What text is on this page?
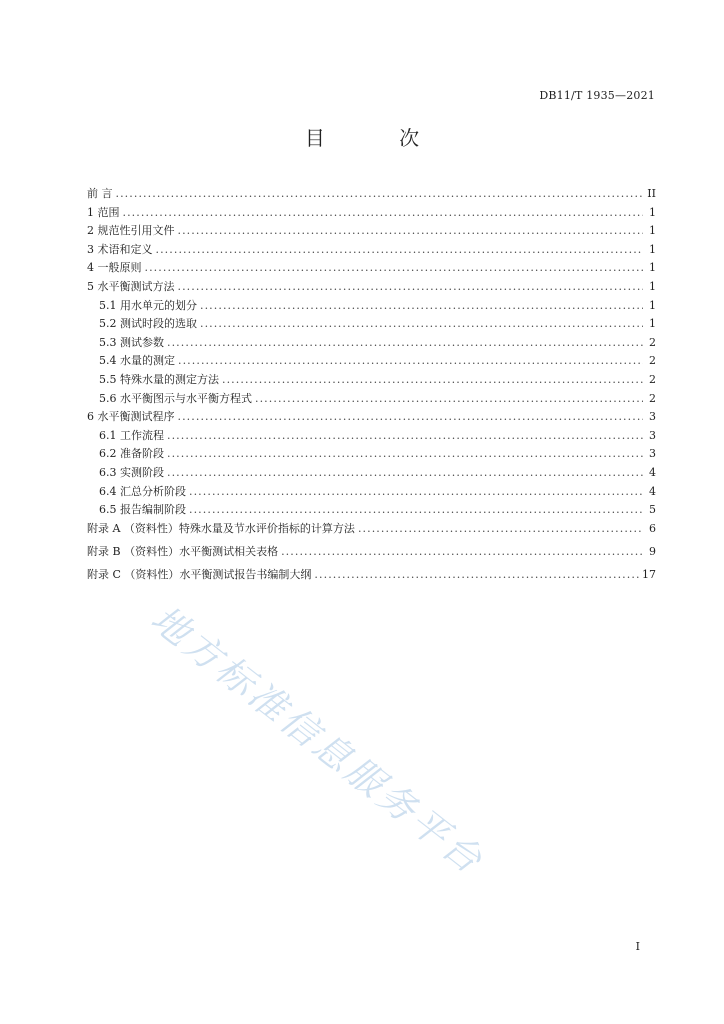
DB11/T 1935—2021
目 次
前 言 . . .	II
1 范围 . . .	1
2 规范性引用文件 . . .	1
3 术语和定义 . . .	1
4 一般原则 . . .	1
5 水平衡测试方法 . . .	1
5.1 用水单元的划分 . . .	1
5.2 测试时段的选取 . . .	1
5.3 测试参数 . . .	2
5.4 水量的测定 . . .	2
5.5 特殊水量的测定方法 . . .	2
5.6 水平衡图示与水平衡方程式 . . .	2
6 水平衡测试程序 . . .	3
6.1 工作流程 . . .	3
6.2 准备阶段 . . .	3
6.3 实测阶段 . . .	4
6.4 汇总分析阶段 . . .	4
6.5 报告编制阶段 . . .	5
附录 A （资料性）特殊水量及节水评价指标的计算方法 . . .	6
附录 B （资料性）水平衡测试相关表格 . . .	9
附录 C （资料性）水平衡测试报告书编制大纲 . . .	17
地方标准信息服务平台
I
